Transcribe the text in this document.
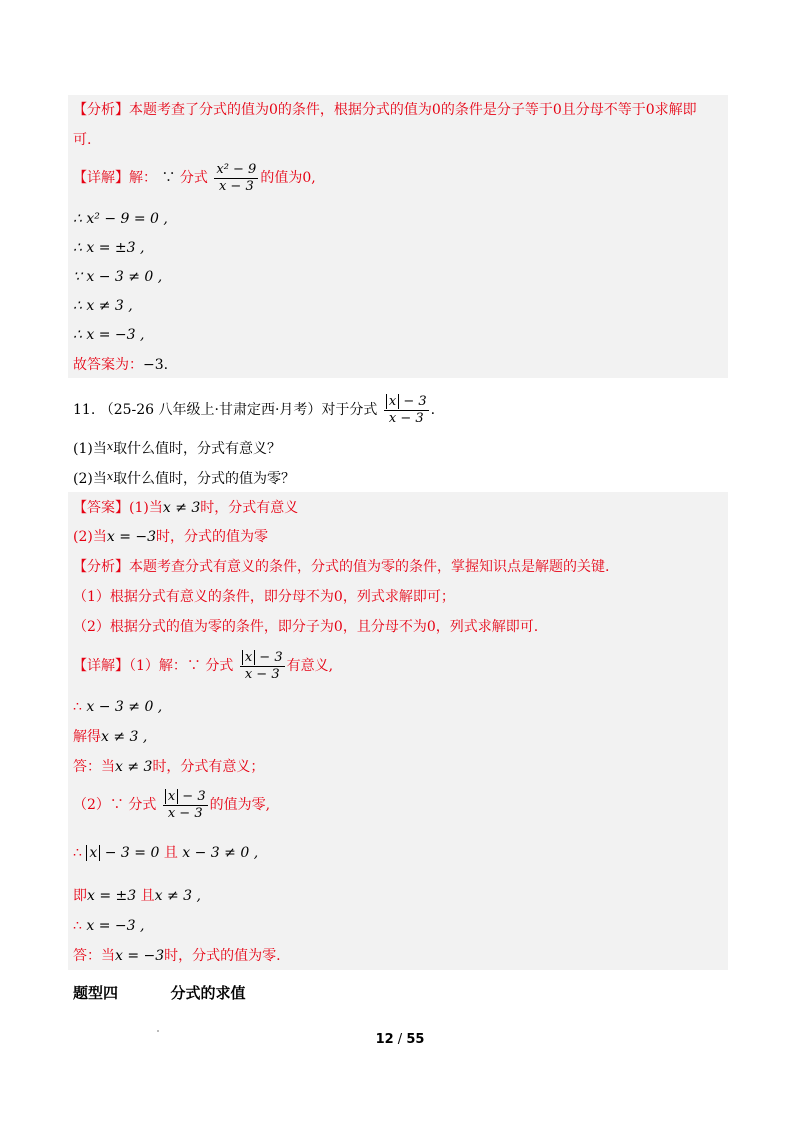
【分析】本题考查了分式的值为0的条件，根据分式的值为0的条件是分子等于0且分母不等于0求解即
可.
【详解】解： ∵ 分式 $\frac{\text{x² − 9}}{x - 3}$ 的值为0,
∴ x² − 9 = 0 ,
∴ x = ±3 ,
∵ x − 3 ≠ 0 ,
∴ x ≠ 3 ,
∴ x = −3 ,
故答案为：−3.
11. （25-26 八年级上·甘肃定西·月考）对于分式 $\frac{x - 3}{x - 3}$ .
(1)当$^x$取什么值时，分式有意义？
(2)当$^x$取什么值时，分式的值为零？
【答案】(1)当x ≠ 3时，分式有意义
(2)当x = −3时，分式的值为零
【分析】本题考查分式有意义的条件，分式的值为零的条件，掌握知识点是解题的关键.
（1）根据分式有意义的条件，即分母不为0，列式求解即可；
（2）根据分式的值为零的条件，即分子为0，且分母不为0，列式求解即可.
【详解】（1）解：∵ 分式 $\frac{x - 3}{x - 3}$ 有意义,
∴ x − 3 ≠ 0 ,
解得x ≠ 3 ,
答：当x ≠ 3时，分式有意义；
（2）∵ 分式 $\frac{x - 3}{x - 3}$ 的值为零,
∴ x − 3 = 0 且 x − 3 ≠ 0 ,
即x = ±3 且x ≠ 3 ,
∴ x = −3 ,
答：当x = −3时，分式的值为零.
题型四	分式的求值
12 / 55
